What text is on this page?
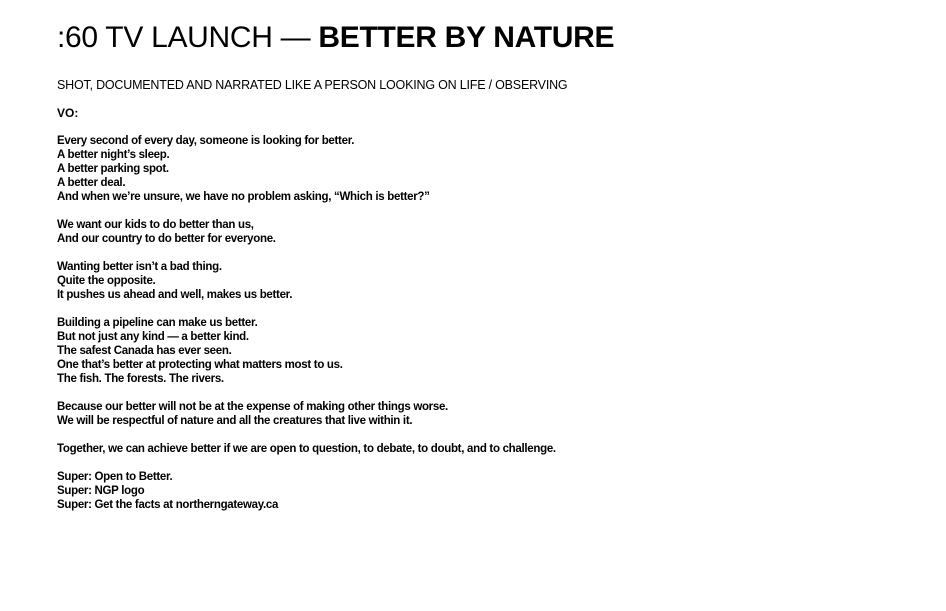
:60 TV LAUNCH — BETTER BY NATURE
SHOT, DOCUMENTED AND NARRATED LIKE A PERSON LOOKING ON LIFE / OBSERVING
VO:

Every second of every day, someone is looking for better.
A better night’s sleep.
A better parking spot.
A better deal.
And when we’re unsure, we have no problem asking, “Which is better?”

We want our kids to do better than us,
And our country to do better for everyone.

Wanting better isn’t a bad thing.
Quite the opposite.
It pushes us ahead and well, makes us better.

Building a pipeline can make us better.
But not just any kind — a better kind.
The safest Canada has ever seen.
One that’s better at protecting what matters most to us.
The fish. The forests. The rivers.

Because our better will not be at the expense of making other things worse.
We will be respectful of nature and all the creatures that live within it.

Together, we can achieve better if we are open to question, to debate, to doubt, and to challenge.

Super: Open to Better.
Super: NGP logo
Super: Get the facts at northerngateway.ca
